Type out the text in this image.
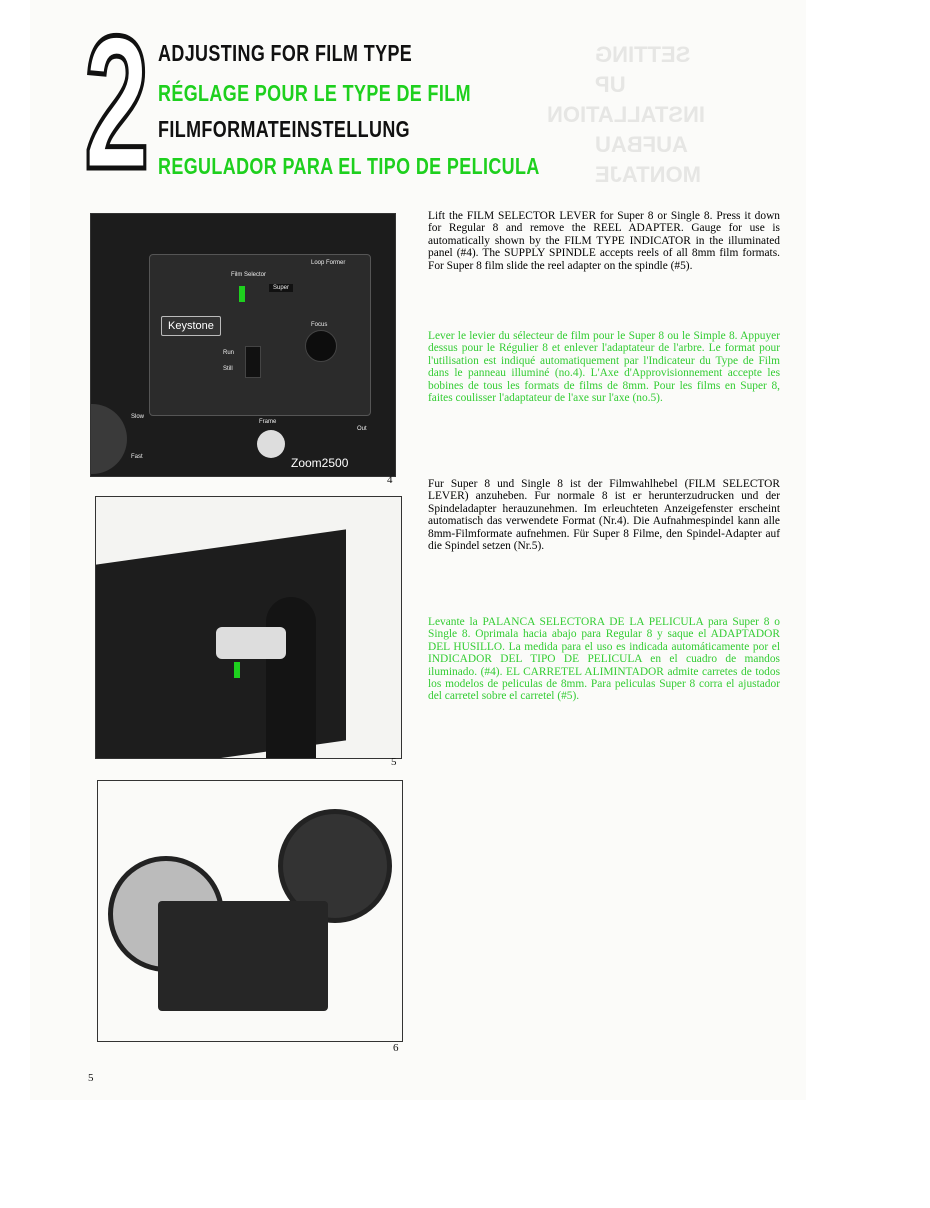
SETTING UP
INSTALLATION
AUFBAU
MONTAJE
2 ADJUSTING FOR FILM TYPE
RÉGLAGE POUR LE TYPE DE FILM
FILMFORMATEINSTELLUNG
REGULADOR PARA EL TIPO DE PELICULA
Keystone
Film Selector
Loop Former
Super
Focus
Run
Still
Frame
Zoom2500
Slow
Fast
Out
4
5
6
Lift the FILM SELECTOR LEVER for Super 8 or Single 8. Press it down for Regular 8 and remove the REEL ADAPTER. Gauge for use is automatically shown by the FILM TYPE INDICATOR in the illuminated panel (#4). The SUPPLY SPINDLE accepts reels of all 8mm film formats. For Super 8 film slide the reel adapter on the spindle (#5).
Lever le levier du sélecteur de film pour le Super 8 ou le Simple 8. Appuyer dessus pour le Régulier 8 et enlever l'adaptateur de l'arbre. Le format pour l'utilisation est indiqué automatiquement par l'Indicateur du Type de Film dans le panneau illuminé (no.4). L'Axe d'Approvisionnement accepte les bobines de tous les formats de films de 8mm. Pour les films en Super 8, faites coulisser l'adaptateur de l'axe sur l'axe (no.5).
Fur Super 8 und Single 8 ist der Filmwahlhebel (FILM SELECTOR LEVER) anzuheben. Fur normale 8 ist er herunterzudrucken und der Spindeladapter herauzunehmen. Im erleuchteten Anzeigefenster erscheint automatisch das verwendete Format (Nr.4). Die Aufnahmespindel kann alle 8mm-Filmformate aufnehmen. Für Super 8 Filme, den Spindel-Adapter auf die Spindel setzen (Nr.5).
Levante la PALANCA SELECTORA DE LA PELICULA para Super 8 o Single 8. Oprimala hacia abajo para Regular 8 y saque el ADAPTADOR DEL HUSILLO. La medida para el uso es indicada automáticamente por el INDICADOR DEL TIPO DE PELICULA en el cuadro de mandos iluminado. (#4). EL CARRETEL ALIMINTADOR admite carretes de todos los modelos de peliculas de 8mm. Para peliculas Super 8 corra el ajustador del carretel sobre el carretel (#5).
5
